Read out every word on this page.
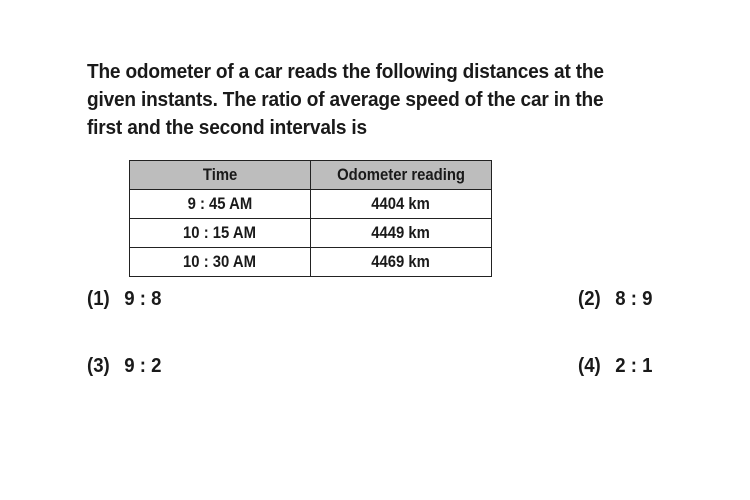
The odometer of a car reads the following distances at the
given instants. The ratio of average speed of the car in the
first and the second intervals is
Time	Odometer reading
9 : 45 AM	4404 km
10 : 15 AM	4449 km
10 : 30 AM	4469 km
(1) 9 : 8	(2) 8 : 9
(3) 9 : 2	(4) 2 : 1
